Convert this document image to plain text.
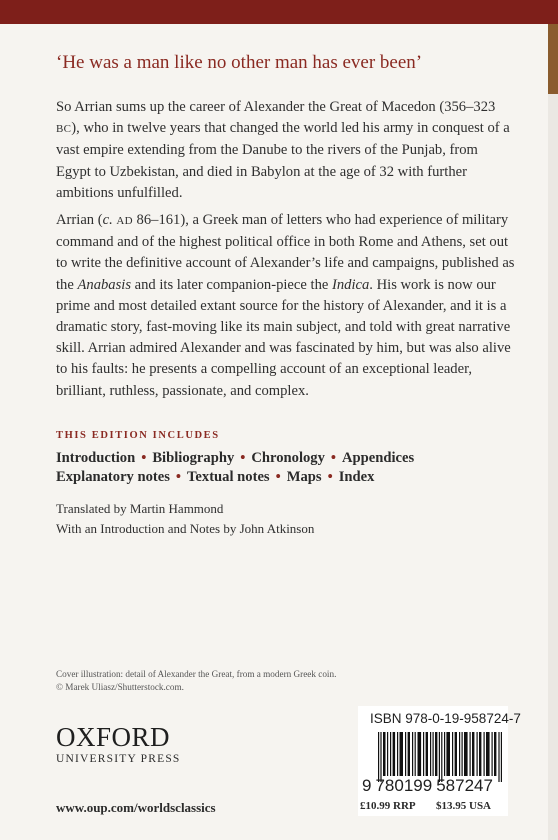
‘He was a man like no other man has ever been’

So Arrian sums up the career of Alexander the Great of Macedon (356–323 BC), who in twelve years that changed the world led his army in conquest of a vast empire extending from the Danube to the rivers of the Punjab, from Egypt to Uzbekistan, and died in Babylon at the age of 32 with further ambitions unfulfilled.

Arrian (c. AD 86–161), a Greek man of letters who had experience of military command and of the highest political office in both Rome and Athens, set out to write the definitive account of Alexander’s life and campaigns, published as the Anabasis and its later companion-piece the Indica. His work is now our prime and most detailed extant source for the history of Alexander, and it is a dramatic story, fast-moving like its main subject, and told with great narrative skill. Arrian admired Alexander and was fascinated by him, but was also alive to his faults: he presents a compelling account of an exceptional leader, brilliant, ruthless, passionate, and complex.

THIS EDITION INCLUDES
Introduction • Bibliography • Chronology • Appendices
Explanatory notes • Textual notes • Maps • Index
Translated by Martin Hammond
With an Introduction and Notes by John Atkinson
Cover illustration: detail of Alexander the Great, from a modern Greek coin.
© Marek Uliasz/Shutterstock.com.
OXFORD
UNIVERSITY PRESS
www.oup.com/worldsclassics
ISBN 978-0-19-958724-7
9 780199 587247
£10.99 RRP $13.95 USA
